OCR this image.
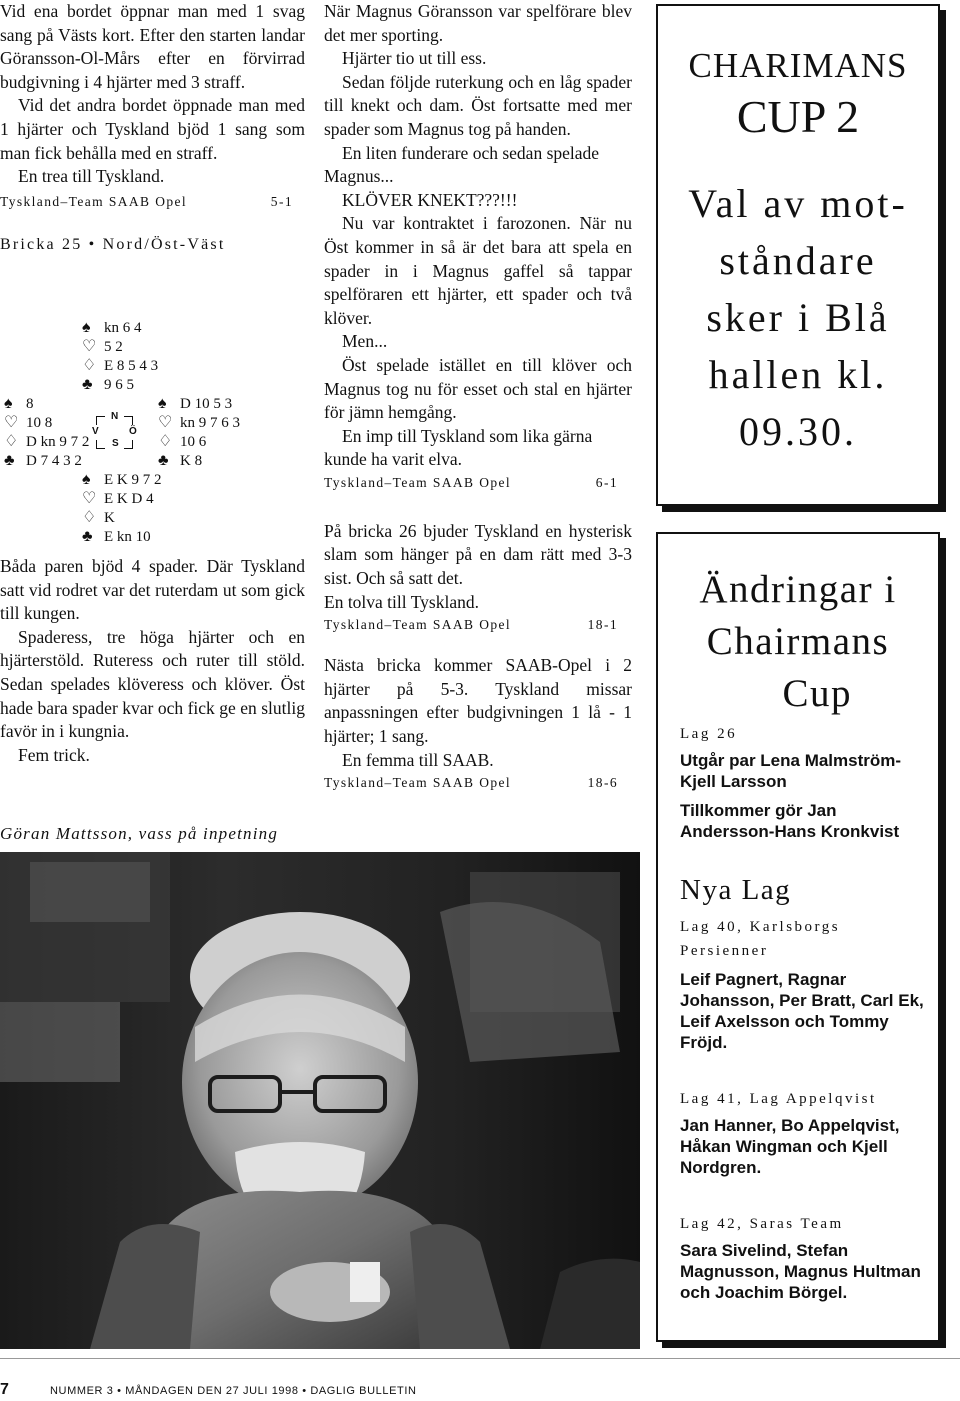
Vid ena bordet öppnar man med 1 svag sang på Västs kort. Efter den starten landar Göransson-Ol-Mårs efter en förvirrad budgivning i 4 hjärter med 3 straff.

Vid det andra bordet öppnade man med 1 hjärter och Tyskland bjöd 1 sang som man fick behålla med en straff.

En trea till Tyskland.

Tyskland–Team SAAB Opel	5-1
Bricka 25 • Nord/Öst-Väst
♠ kn 6 4
♡ 5 2
♢ E 8 5 4 3
♣ 9 6 5
♠ 8
♡ 10 8
♢ D kn 9 7 2
♣ D 7 4 3 2
N
V	Ö
S
♠ D 10 5 3
♡ kn 9 7 6 3
♢ 10 6
♣ K 8
♠ E K 9 7 2
♡ E K D 4
♢ K
♣ E kn 10

Båda paren bjöd 4 spader. Där Tyskland satt vid rodret var det ruterdam ut som gick till kungen.

Spaderess, tre höga hjärter och en hjärterstöld. Ruteress och ruter till stöld. Sedan spelades klöveress och klöver. Öst hade bara spader kvar och fick ge en slutlig favör in i kungnia.

Fem trick.

Göran Mattsson, vass på inpetning

När Magnus Göransson var spelförare blev det mer sporting.

Hjärter tio ut till ess.

Sedan följde ruterkung och en låg spader till knekt och dam. Öst fortsatte med mer spader som Magnus tog på handen.

En liten funderare och sedan spelade Magnus...

KLÖVER KNEKT???!!!

Nu var kontraktet i farozonen. När nu Öst kommer in så är det bara att spela en spader in i Magnus gaffel så tappar spelföraren ett hjärter, ett spader och två klöver.

Men...

Öst spelade istället en till klöver och Magnus tog nu för esset och stal en hjärter för jämn hemgång.

En imp till Tyskland som lika gärna kunde ha varit elva.

Tyskland–Team SAAB Opel	6-1

På bricka 26 bjuder Tyskland en hysterisk slam som hänger på en dam rätt med 3-3 sist. Och så satt det.

En tolva till Tyskland.

Tyskland–Team SAAB Opel	18-1

Nästa bricka kommer SAAB-Opel i 2 hjärter på 5-3. Tyskland missar anpassningen efter budgivningen 1 lå - 1 hjärter; 1 sang.

En femma till SAAB.

Tyskland–Team SAAB Opel	18-6
CHARIMANS
CUP 2
Val av mot-
ståndare
sker i Blå
hallen kl.
09.30.
Ändringar i
Chairmans
Cup
Lag 26
Utgår par Lena Malmström-Kjell Larsson
Tillkommer gör Jan Andersson-Hans Kronkvist
Nya Lag
Lag 40, Karlsborgs Persienner
Leif Pagnert, Ragnar Johansson, Per Bratt, Carl Ek, Leif Axelsson och Tommy Fröjd.
Lag 41, Lag Appelqvist
Jan Hanner, Bo Appelqvist, Håkan Wingman och Kjell Nordgren.
Lag 42, Saras Team
Sara Sivelind, Stefan Magnusson, Magnus Hultman och Joachim Börgel.
7	NUMMER 3 • MÅNDAGEN DEN 27 JULI 1998 • DAGLIG BULLETIN
